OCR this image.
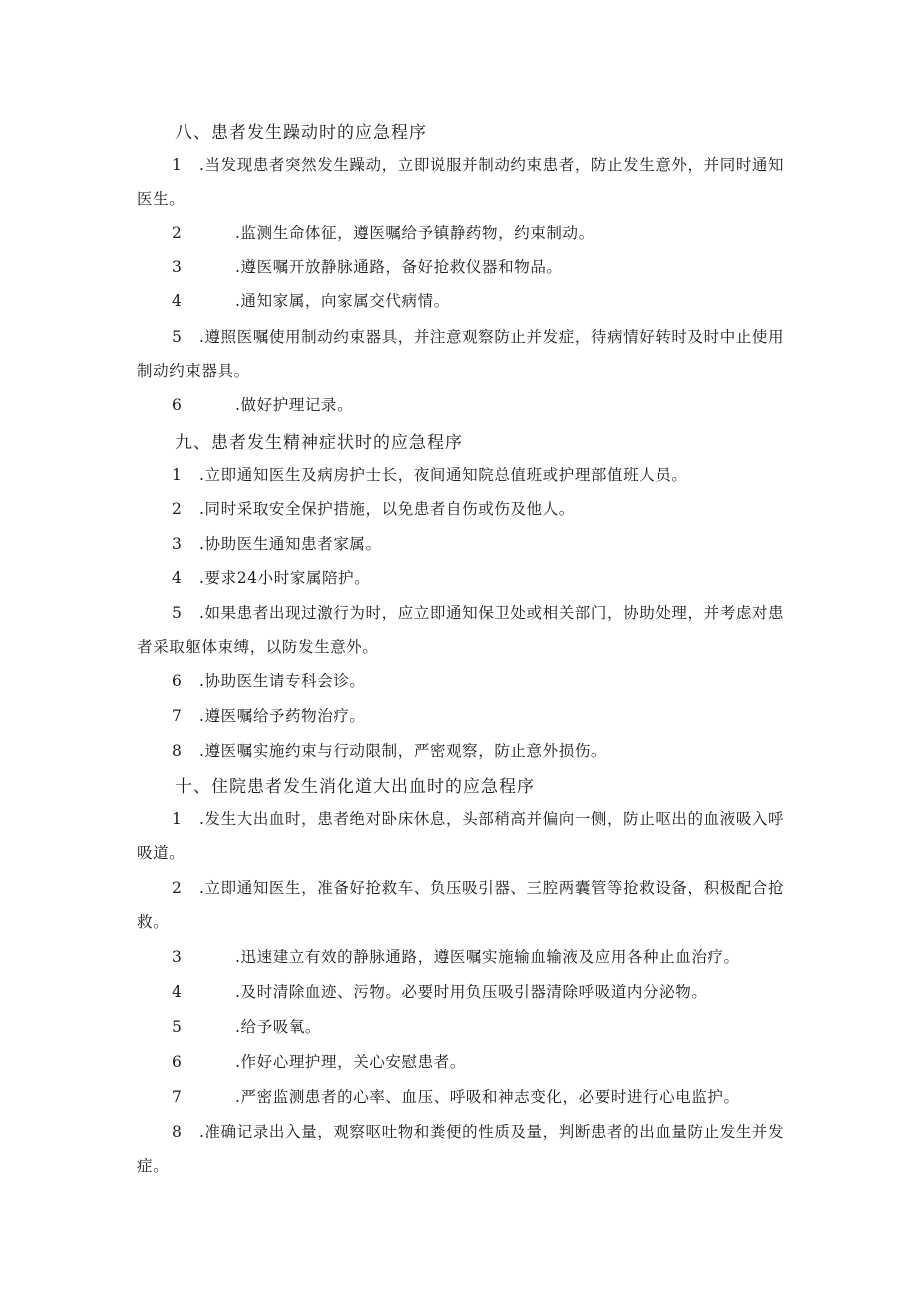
八、患者发生躁动时的应急程序
1 .当发现患者突然发生躁动，立即说服并制动约束患者，防止发生意外，并同时通知医生。
2	.监测生命体征，遵医嘱给予镇静药物，约束制动。
3	.遵医嘱开放静脉通路，备好抢救仪器和物品。
4	.通知家属，向家属交代病情。
5 .遵照医嘱使用制动约束器具，并注意观察防止并发症，待病情好转时及时中止使用制动约束器具。
6	.做好护理记录。
九、患者发生精神症状时的应急程序
1 .立即通知医生及病房护士长，夜间通知院总值班或护理部值班人员。
2 .同时采取安全保护措施，以免患者自伤或伤及他人。
3 .协助医生通知患者家属。
4 .要求24小时家属陪护。
5 .如果患者出现过激行为时，应立即通知保卫处或相关部门，协助处理，并考虑对患者采取躯体束缚，以防发生意外。
6 .协助医生请专科会诊。
7 .遵医嘱给予药物治疗。
8 .遵医嘱实施约束与行动限制，严密观察，防止意外损伤。
十、住院患者发生消化道大出血时的应急程序
1 .发生大出血时，患者绝对卧床休息，头部稍高并偏向一侧，防止呕出的血液吸入呼吸道。
2 .立即通知医生，准备好抢救车、负压吸引器、三腔两囊管等抢救设备，积极配合抢救。
3	.迅速建立有效的静脉通路，遵医嘱实施输血输液及应用各种止血治疗。
4	.及时清除血迹、污物。必要时用负压吸引器清除呼吸道内分泌物。
5	.给予吸氧。
6	.作好心理护理，关心安慰患者。
7	.严密监测患者的心率、血压、呼吸和神志变化，必要时进行心电监护。
8 .准确记录出入量，观察呕吐物和粪便的性质及量，判断患者的出血量防止发生并发症。
